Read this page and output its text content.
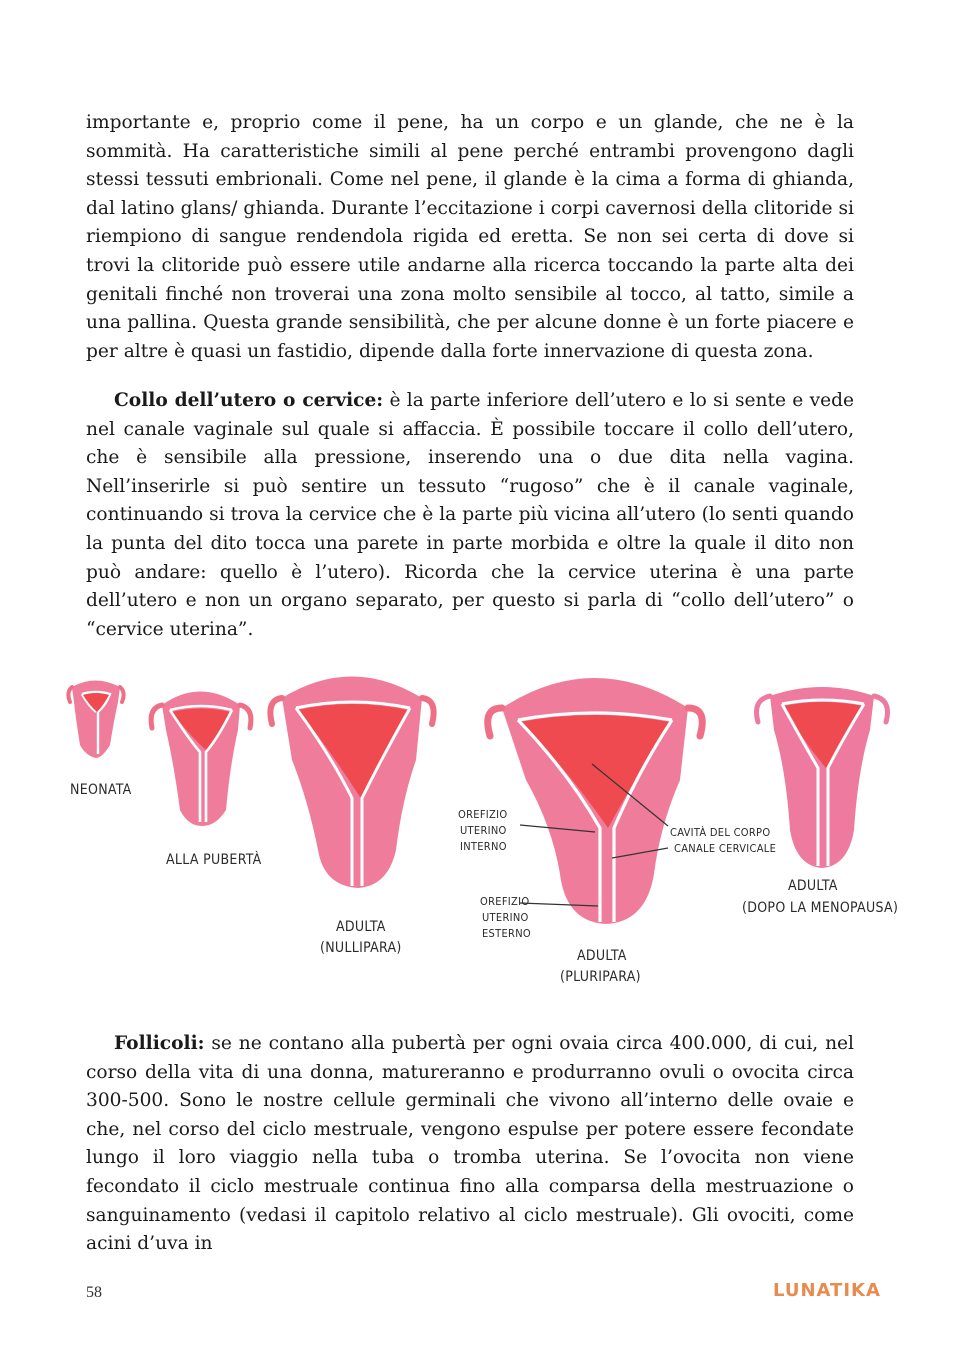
importante e, proprio come il pene, ha un corpo e un glande, che ne è la sommità. Ha caratteristiche simili al pene perché entrambi provengono dagli stessi tessuti embrionali. Come nel pene, il glande è la cima a forma di ghianda, dal latino glans/ ghianda. Durante l’eccitazione i corpi cavernosi della clitoride si riempiono di sangue rendendola rigida ed eretta. Se non sei certa di dove si trovi la clitoride può essere utile andarne alla ricerca toccando la parte alta dei genitali finché non troverai una zona molto sensibile al tocco, al tatto, simile a una pallina. Questa grande sensibilità, che per alcune donne è un forte piacere e per altre è quasi un fastidio, dipende dalla forte innervazione di questa zona.

Collo dell’utero o cervice: è la parte inferiore dell’utero e lo si sente e vede nel canale vaginale sul quale si affaccia. È possibile toccare il collo dell’utero, che è sensibile alla pressione, inserendo una o due dita nella vagina. Nell’inserirle si può sentire un tessuto “rugoso” che è il canale vaginale, continuando si trova la cervice che è la parte più vicina all’utero (lo senti quando la punta del dito tocca una parete in parte morbida e oltre la quale il dito non può andare: quello è l’utero). Ricorda che la cervice uterina è una parte dell’utero e non un organo separato, per questo si parla di “collo dell’utero” o “cervice uterina”.

NEONATA
ALLA PUBERTÀ
ADULTA
(NULLIPARA)	ADULTA
(PLURIPARA)
ADULTA
(DOPO LA MENOPAUSA)
OREFIZIO
UTERINO
INTERNO
OREFIZIO
UTERINO
ESTERNO
CAVITÀ DEL CORPO
CANALE CERVICALE

Follicoli: se ne contano alla pubertà per ogni ovaia circa 400.000, di cui, nel corso della vita di una donna, matureranno e produrranno ovuli o ovocita circa 300-500. Sono le nostre cellule germinali che vivono all’interno delle ovaie e che, nel corso del ciclo mestruale, vengono espulse per potere essere fecondate lungo il loro viaggio nella tuba o tromba uterina. Se l’ovocita non viene fecondato il ciclo mestruale continua fino alla comparsa della mestruazione o sanguinamento (vedasi il capitolo relativo al ciclo mestruale). Gli ovociti, come acini d’uva in

58	LUNATIKA
